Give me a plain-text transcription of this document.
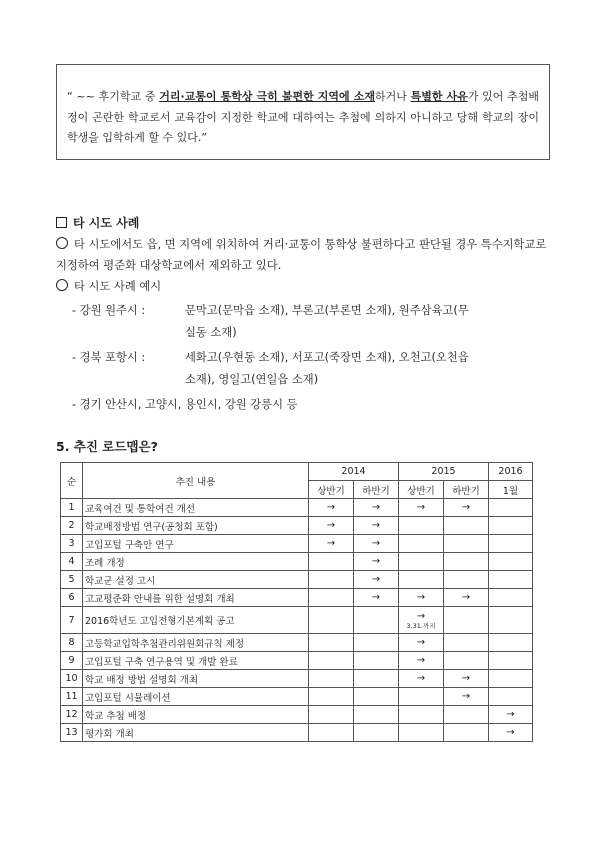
“ ~~ 후기학교 중 거리·교통이 통학상 극히 불편한 지역에 소재하거나 특별한 사유가 있어 추첨배정이 곤란한 학교로서 교육감이 지정한 학교에 대하여는 추첨에 의하지 아니하고 당해 학교의 장이 학생을 입학하게 할 수 있다.”
타 시도 사례
타 시도에서도 읍, 면 지역에 위치하여 거리·교통이 통학상 불편하다고 판단될 경우 특수지학교로 지정하여 평준화 대상학교에서 제외하고 있다.
타 시도 사례 예시
- 강원 원주시 :	문막고(문막읍 소재), 부론고(부론면 소재), 원주삼육고(무
실동 소재)
- 경북 포항시 :	세화고(우현동 소재), 서포고(죽장면 소재), 오천고(오천읍
소재), 영일고(연일읍 소재)
- 경기 안산시, 고양시, 용인시, 강원 강릉시 등
5. 추진 로드맵은?
순	추진 내용	2014		2015		2016
		상반기	하반기	상반기	하반기	1월
1	교육여건 및 통학여건 개선	→	→	→	→	
2	학교배정방법 연구(공청회 포함)	→	→			
3	고입포털 구축안 연구	→	→			
4	조례 개정		→			
5	학교군 설정 고시		→			
6	고교평준화 안내를 위한 설명회 개최		→	→	→	
7	2016학년도 고입전형기본계획 공고			→
3.31.까지		

8	고등학교입학추첨관리위원회규칙 제정			→		
9	고입포털 구축 연구용역 및 개발 완료			→		
10	학교 배정 방법 설명회 개최			→	→	
11	고입포털 시뮬레이션				→	
12	학교 추첨 배정					→
13	평가회 개최					→
